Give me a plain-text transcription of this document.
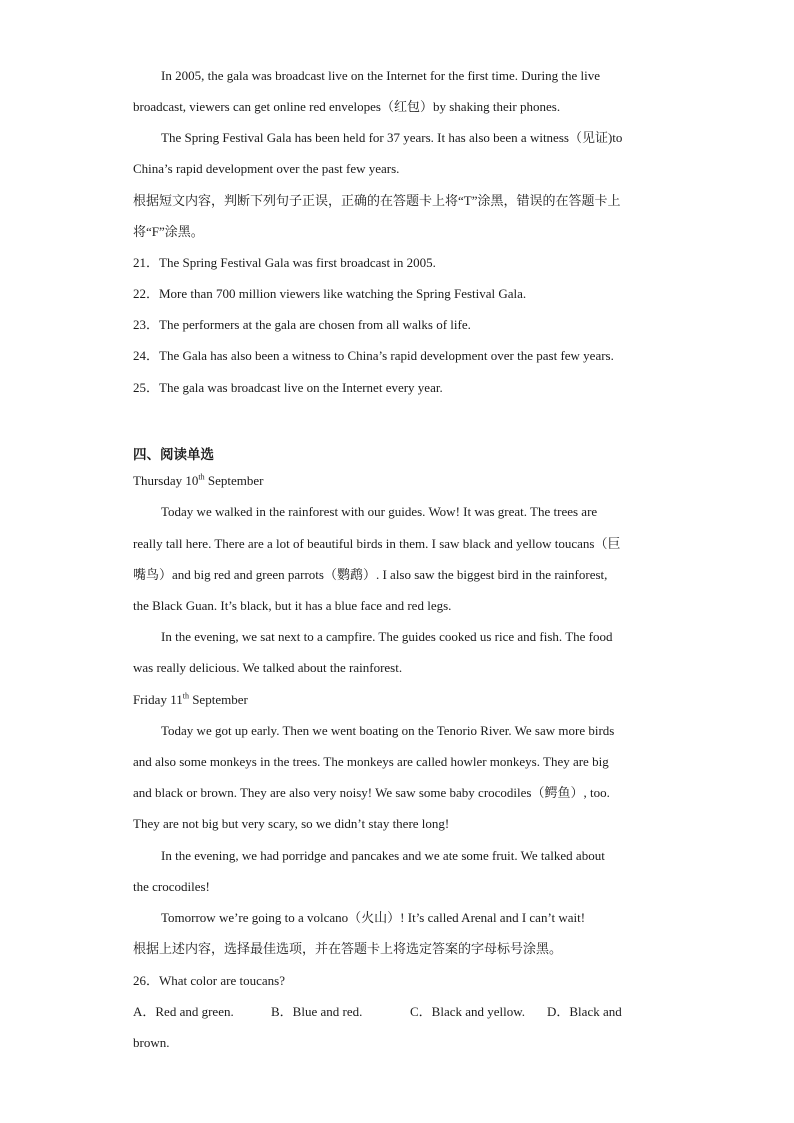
In 2005, the gala was broadcast live on the Internet for the first time. During the live
broadcast, viewers can get online red envelopes（红包）by shaking their phones.
The Spring Festival Gala has been held for 37 years. It has also been a witness（见证)to
China’s rapid development over the past few years.
根据短文内容，判断下列句子正误，正确的在答题卡上将“T”涂黑，错误的在答题卡上
将“F”涂黑。
21．The Spring Festival Gala was first broadcast in 2005.
22．More than 700 million viewers like watching the Spring Festival Gala.
23．The performers at the gala are chosen from all walks of life.
24．The Gala has also been a witness to China’s rapid development over the past few years.
25．The gala was broadcast live on the Internet every year.
四、阅读单选
Thursday 10th September
Today we walked in the rainforest with our guides. Wow! It was great. The trees are
really tall here. There are a lot of beautiful birds in them. I saw black and yellow toucans（巨
嘴鸟）and big red and green parrots（鹦鹉）. I also saw the biggest bird in the rainforest,
the Black Guan. It’s black, but it has a blue face and red legs.
In the evening, we sat next to a campfire. The guides cooked us rice and fish. The food
was really delicious. We talked about the rainforest.
Friday 11th September
Today we got up early. Then we went boating on the Tenorio River. We saw more birds
and also some monkeys in the trees. The monkeys are called howler monkeys. They are big
and black or brown. They are also very noisy! We saw some baby crocodiles（鳄鱼）, too.
They are not big but very scary, so we didn’t stay there long!
In the evening, we had porridge and pancakes and we ate some fruit. We talked about
the crocodiles!
Tomorrow we’re going to a volcano（火山）! It’s called Arenal and I can’t wait!
根据上述内容，选择最佳选项，并在答题卡上将选定答案的字母标号涂黑。
26．What color are toucans?
A．Red and green.	B．Blue and red.	C．Black and yellow. D．Black and
brown.
